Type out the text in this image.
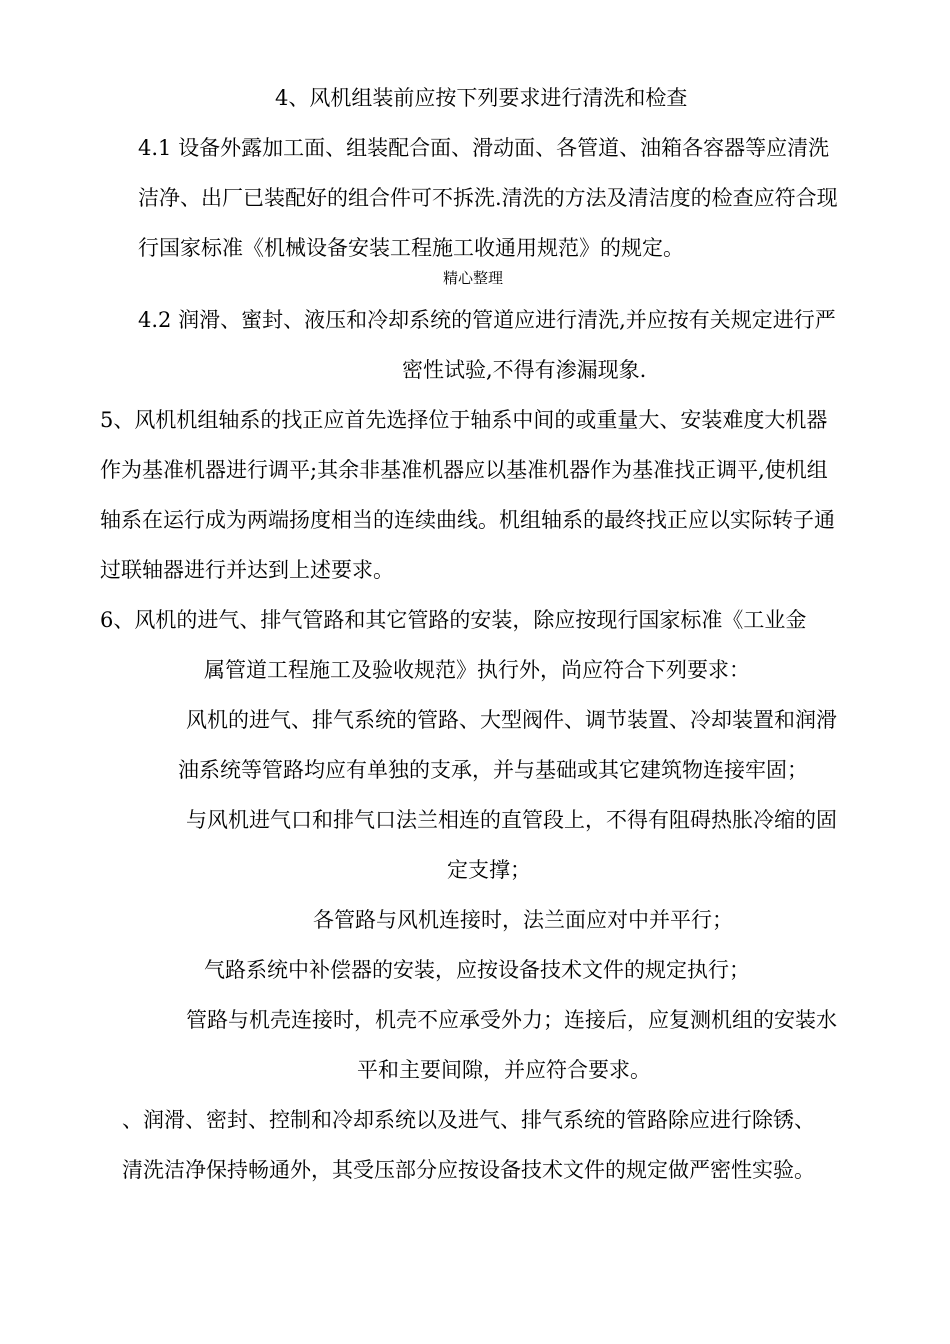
4、风机组装前应按下列要求进行清洗和检查
4.1 设备外露加工面、组装配合面、滑动面、各管道、油箱各容器等应清洗
洁净、出厂已装配好的组合件可不拆洗.清洗的方法及清洁度的检查应符合现
行国家标准《机械设备安装工程施工收通用规范》的规定。
精心整理
4.2 润滑、蜜封、液压和冷却系统的管道应进行清洗,并应按有关规定进行严
密性试验,不得有渗漏现象.
5、风机机组轴系的找正应首先选择位于轴系中间的或重量大、安装难度大机器
作为基准机器进行调平;其余非基准机器应以基准机器作为基准找正调平,使机组
轴系在运行成为两端扬度相当的连续曲线。机组轴系的最终找正应以实际转子通
过联轴器进行并达到上述要求。
6、风机的进气、排气管路和其它管路的安装，除应按现行国家标准《工业金
属管道工程施工及验收规范》执行外，尚应符合下列要求：
风机的进气、排气系统的管路、大型阀件、调节装置、冷却装置和润滑
油系统等管路均应有单独的支承，并与基础或其它建筑物连接牢固；
与风机进气口和排气口法兰相连的直管段上，不得有阻碍热胀冷缩的固
定支撑；
各管路与风机连接时，法兰面应对中并平行；
气路系统中补偿器的安装，应按设备技术文件的规定执行；
管路与机壳连接时，机壳不应承受外力；连接后，应复测机组的安装水
平和主要间隙，并应符合要求。
、润滑、密封、控制和冷却系统以及进气、排气系统的管路除应进行除锈、
清洗洁净保持畅通外，其受压部分应按设备技术文件的规定做严密性实验。
